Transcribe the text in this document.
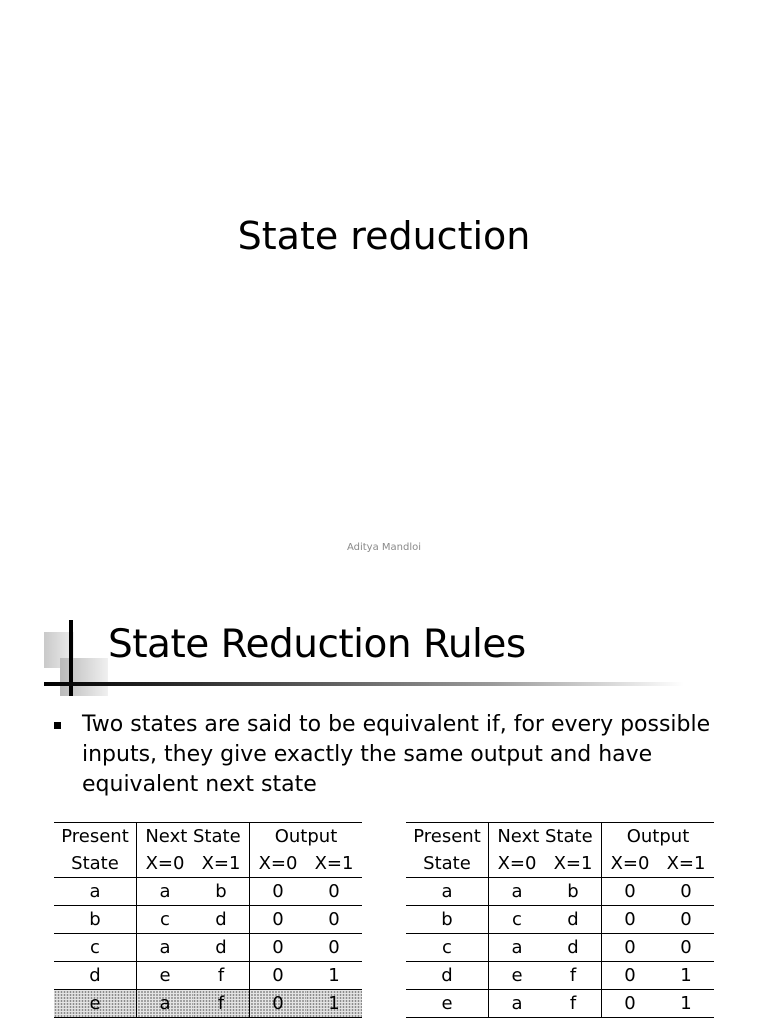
State reduction
Aditya Mandloi
State Reduction Rules
Two states are said to be equivalent if, for every possible inputs, they give exactly the same output and have equivalent next state
Present	Next State		Output	
State	X=0	X=1	X=0	X=1
a	a	b	0	0
b	c	d	0	0
c	a	d	0	0
d	e	f	0	1
e	a	f	0	1
Present	Next State		Output	
State	X=0	X=1	X=0	X=1
a	a	b	0	0
b	c	d	0	0
c	a	d	0	0
d	e	f	0	1
e	a	f	0	1
